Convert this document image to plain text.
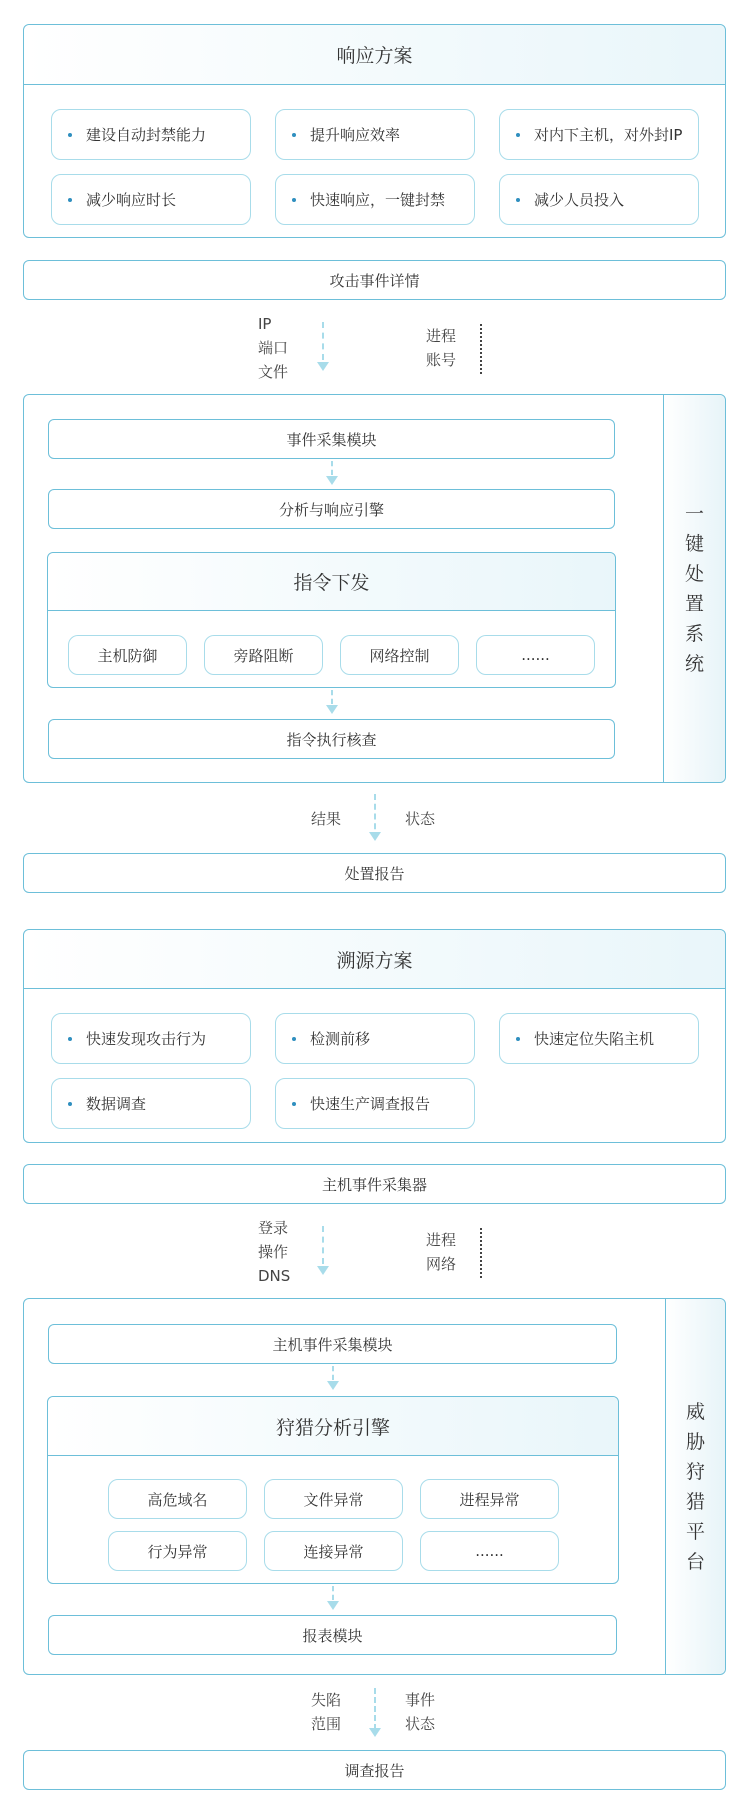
响应方案
建设自动封禁能力	提升响应效率	对内下主机，对外封IP
减少响应时长	快速响应，一键封禁	减少人员投入
攻击事件详情
IP
端口
文件
进程
账号
一
键
处
置
系
统
事件采集模块
分析与响应引擎
指令下发
主机防御	旁路阻断	网络控制	......
指令执行核查
结果	状态
处置报告
溯源方案
快速发现攻击行为	检测前移	快速定位失陷主机
数据调查	快速生产调查报告
主机事件采集器
登录
操作
DNS
进程
网络
威
胁
狩
猎
平
台
主机事件采集模块
狩猎分析引擎
高危域名	文件异常	进程异常
行为异常	连接异常	......
报表模块
失陷
范围
事件
状态
调查报告
